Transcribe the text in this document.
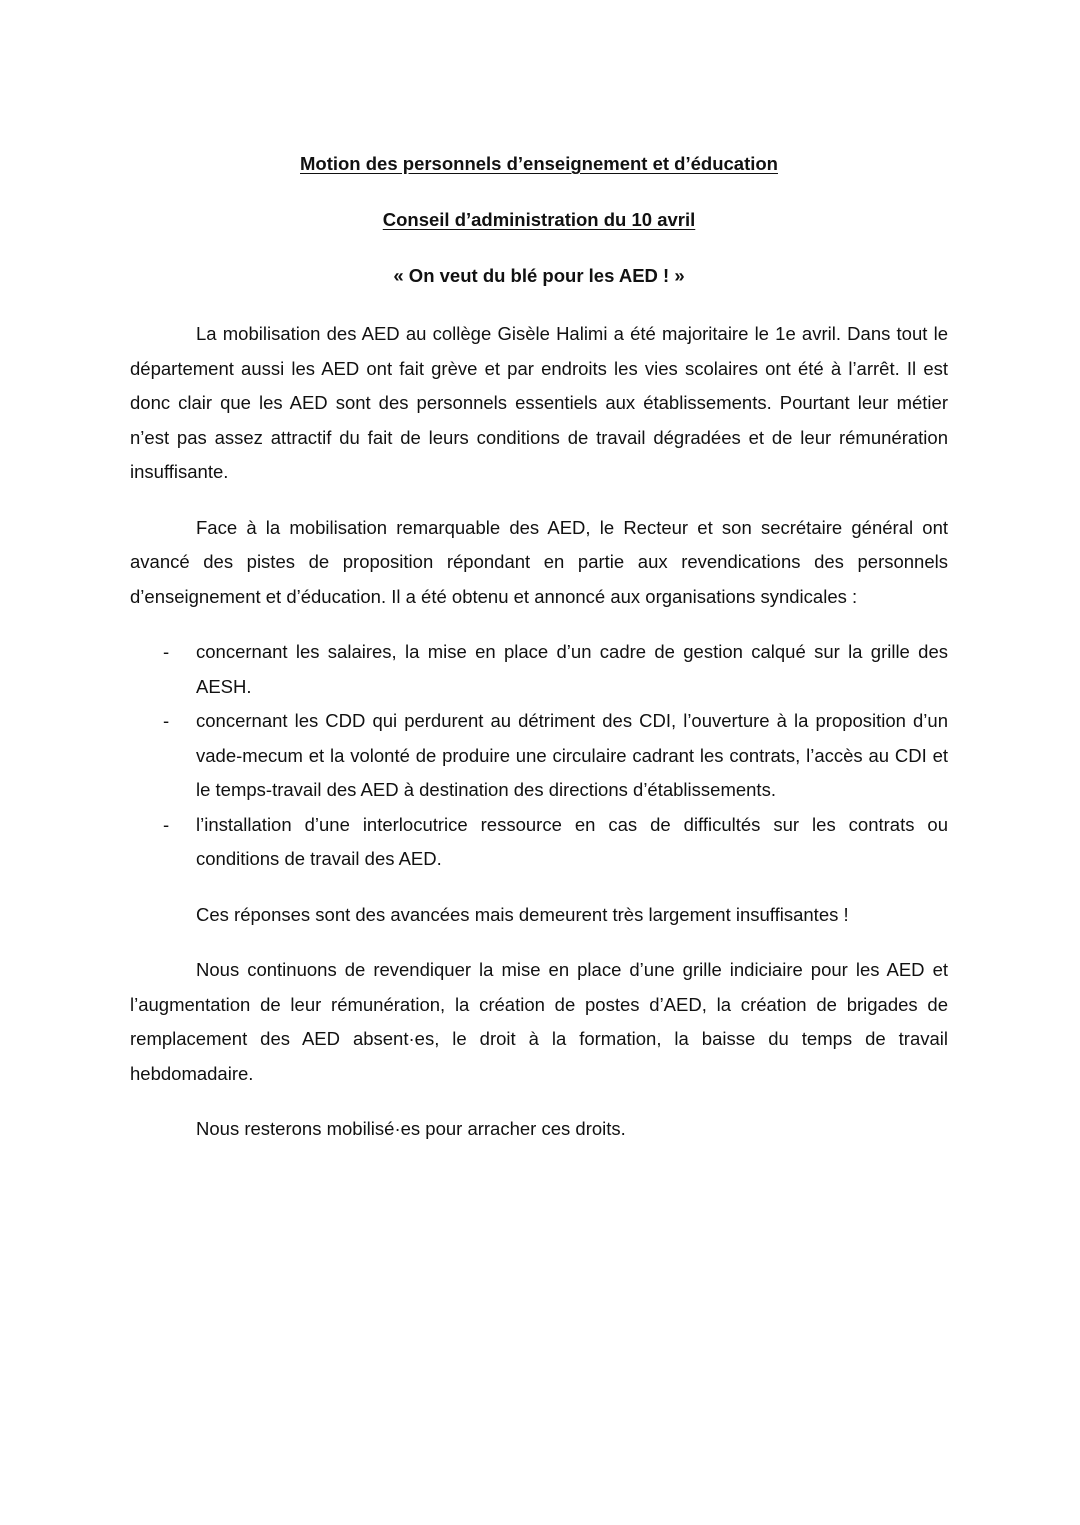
Motion des personnels d’enseignement et d’éducation
Conseil d’administration du 10 avril
« On veut du blé pour les AED ! »

La mobilisation des AED au collège Gisèle Halimi a été majoritaire le 1e avril. Dans tout le département aussi les AED ont fait grève et par endroits les vies scolaires ont été à l’arrêt. Il est donc clair que les AED sont des personnels essentiels aux établissements. Pourtant leur métier n’est pas assez attractif du fait de leurs conditions de travail dégradées et de leur rémunération insuffisante.

Face à la mobilisation remarquable des AED, le Recteur et son secrétaire général ont avancé des pistes de proposition répondant en partie aux revendications des personnels d’enseignement et d’éducation. Il a été obtenu et annoncé aux organisations syndicales :

- concernant les salaires, la mise en place d’un cadre de gestion calqué sur la grille des AESH.
- concernant les CDD qui perdurent au détriment des CDI, l’ouverture à la proposition d’un vade-mecum et la volonté de produire une circulaire cadrant les contrats, l’accès au CDI et le temps-travail des AED à destination des directions d’établissements.
- l’installation d’une interlocutrice ressource en cas de difficultés sur les contrats ou conditions de travail des AED.

Ces réponses sont des avancées mais demeurent très largement insuffisantes !

Nous continuons de revendiquer la mise en place d’une grille indiciaire pour les AED et l’augmentation de leur rémunération, la création de postes d’AED, la création de brigades de remplacement des AED absent·es, le droit à la formation, la baisse du temps de travail hebdomadaire.

Nous resterons mobilisé·es pour arracher ces droits.
